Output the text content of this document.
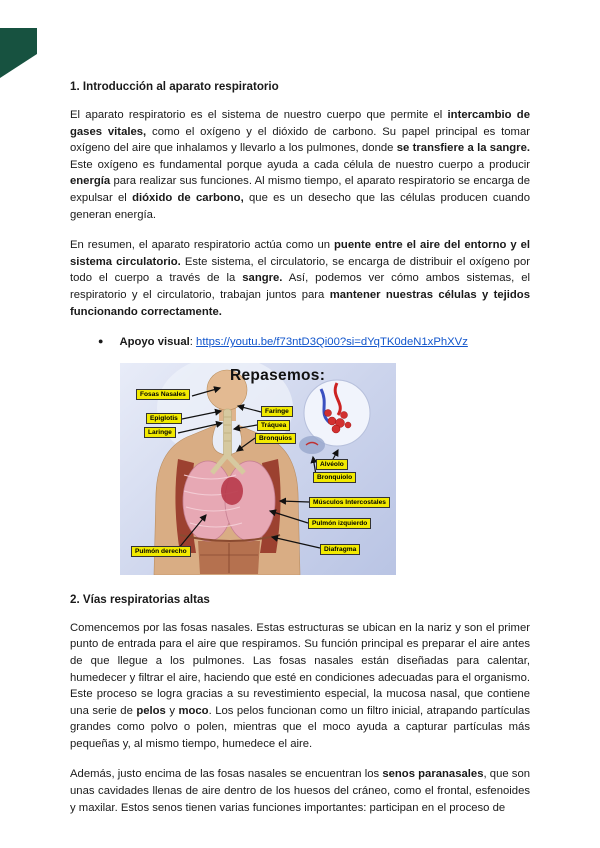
1. Introducción al aparato respiratorio

El aparato respiratorio es el sistema de nuestro cuerpo que permite el intercambio de gases vitales, como el oxígeno y el dióxido de carbono. Su papel principal es tomar oxígeno del aire que inhalamos y llevarlo a los pulmones, donde se transfiere a la sangre. Este oxígeno es fundamental porque ayuda a cada célula de nuestro cuerpo a producir energía para realizar sus funciones. Al mismo tiempo, el aparato respiratorio se encarga de expulsar el dióxido de carbono, que es un desecho que las células producen cuando generan energía.

En resumen, el aparato respiratorio actúa como un puente entre el aire del entorno y el sistema circulatorio. Este sistema, el circulatorio, se encarga de distribuir el oxígeno por todo el cuerpo a través de la sangre. Así, podemos ver cómo ambos sistemas, el respiratorio y el circulatorio, trabajan juntos para mantener nuestras células y tejidos funcionando correctamente.

● Apoyo visual: https://youtu.be/f73ntD3Qi00?si=dYqTK0deN1xPhXVz
Repasemos:
Fosas Nasales
Epiglotis
Laringe
Faringe
Tráquea
Bronquios
Alvéolo
Bronquiolo
Músculos Intercostales
Pulmón izquierdo
Diafragma
Pulmón derecho
2. Vías respiratorias altas

Comencemos por las fosas nasales. Estas estructuras se ubican en la nariz y son el primer punto de entrada para el aire que respiramos. Su función principal es preparar el aire antes de que llegue a los pulmones. Las fosas nasales están diseñadas para calentar, humedecer y filtrar el aire, haciendo que esté en condiciones adecuadas para el organismo. Este proceso se logra gracias a su revestimiento especial, la mucosa nasal, que contiene una serie de pelos y moco. Los pelos funcionan como un filtro inicial, atrapando partículas grandes como polvo o polen, mientras que el moco ayuda a capturar partículas más pequeñas y, al mismo tiempo, humedece el aire.

Además, justo encima de las fosas nasales se encuentran los senos paranasales, que son unas cavidades llenas de aire dentro de los huesos del cráneo, como el frontal, esfenoides y maxilar. Estos senos tienen varias funciones importantes: participan en el proceso de
